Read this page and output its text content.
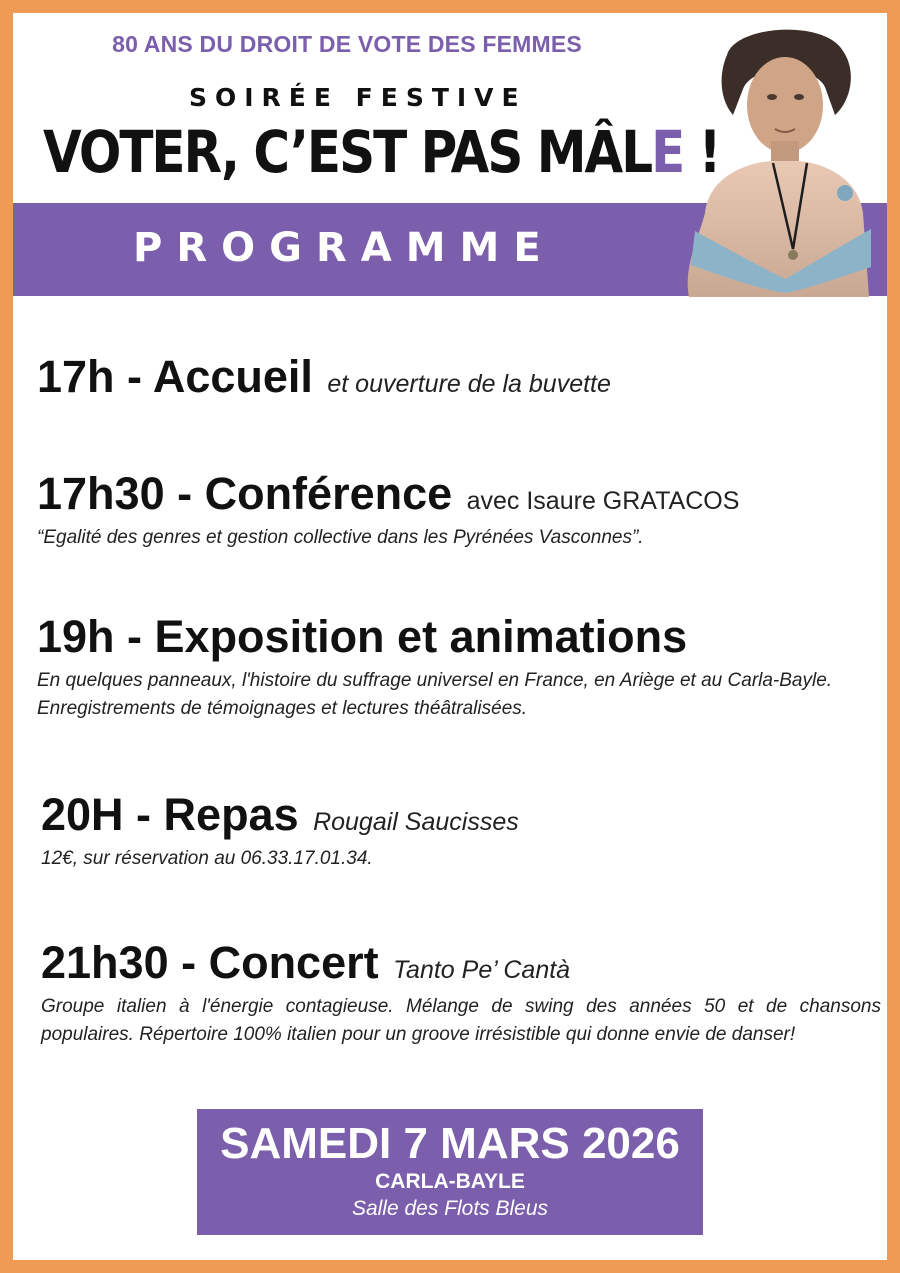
80 ANS DU DROIT DE VOTE DES FEMMES
SOIRÉE FESTIVE
VOTER, C’EST PAS MÂLE !
PROGRAMME
17h - Accueil et ouverture de la buvette
17h30 - Conférence avec Isaure GRATACOS
“Egalité des genres et gestion collective dans les Pyrénées Vasconnes”.
19h - Exposition et animations
En quelques panneaux, l'histoire du suffrage universel en France, en Ariège et au Carla-Bayle. Enregistrements de témoignages et lectures théâtralisées.
20H - Repas Rougail Saucisses
12€, sur réservation au 06.33.17.01.34.
21h30 - Concert Tanto Pe’ Cantà
Groupe italien à l'énergie contagieuse. Mélange de swing des années 50 et de chansons populaires. Répertoire 100% italien pour un groove irrésistible qui donne envie de danser!
SAMEDI 7 MARS 2026
CARLA-BAYLE
Salle des Flots Bleus
